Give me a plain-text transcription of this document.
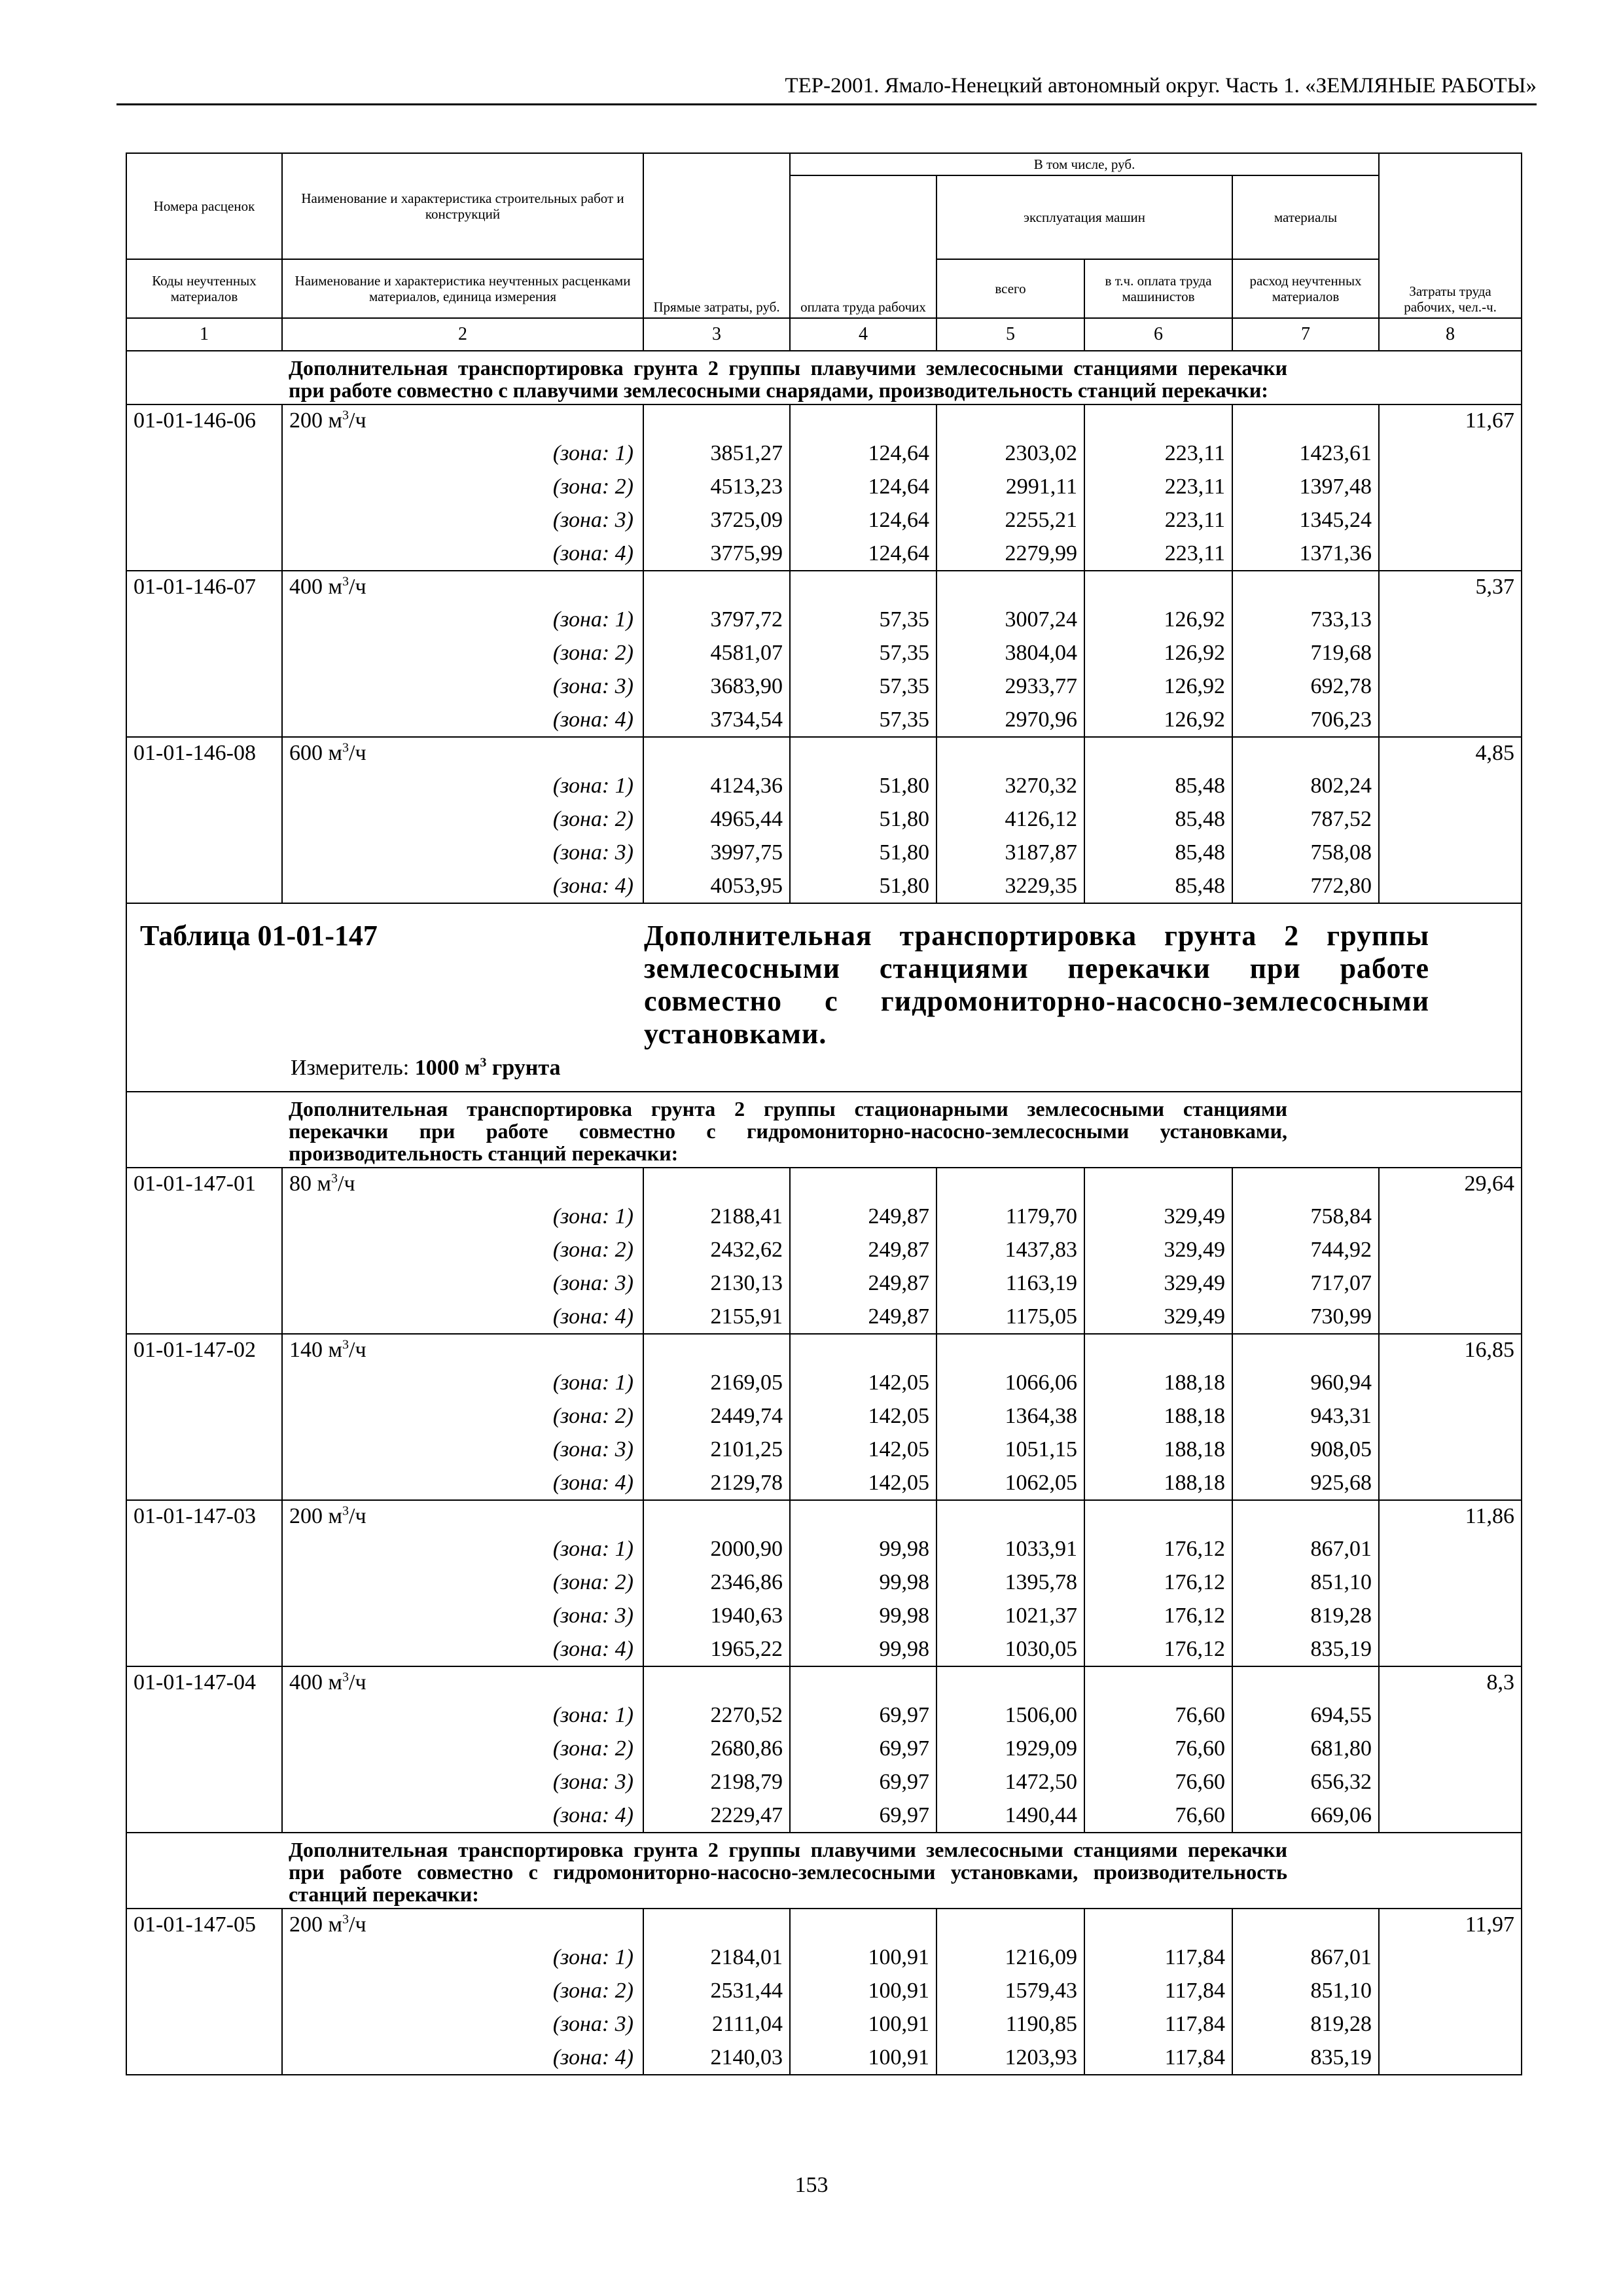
ТЕР-2001. Ямало-Ненецкий автономный округ. Часть 1. «ЗЕМЛЯНЫЕ РАБОТЫ»
Номера расценок	Наименование и характеристика строительных работ и конструкций	Прямые затраты, руб.	В том числе, руб.				Затраты труда рабочих, чел.-ч.
			оплата труда рабочих	эксплуатация машин		материалы	
Коды неучтенных материалов	Наименование и характеристика неучтенных расценками материалов, единица измерения			всего	в т.ч. оплата труда машинистов	расход неучтенных материалов	
1	2	3	4	5	6	7	8
	Дополнительная транспортировка грунта 2 группы плавучими землесосными станциями перекачки при работе совместно с плавучими землесосными снарядами, производительность станций перекачки:						
01-01-146-06	200 $м^3/ч$						11,67
	(зона: 1)	3851,27	124,64	2303,02	223,11	1423,61	
	(зона: 2)	4513,23	124,64	2991,11	223,11	1397,48	
	(зона: 3)	3725,09	124,64	2255,21	223,11	1345,24	
	(зона: 4)	3775,99	124,64	2279,99	223,11	1371,36	
01-01-146-07	400 $м^3/ч$						5,37
	(зона: 1)	3797,72	57,35	3007,24	126,92	733,13	
	(зона: 2)	4581,07	57,35	3804,04	126,92	719,68	
	(зона: 3)	3683,90	57,35	2933,77	126,92	692,78	
	(зона: 4)	3734,54	57,35	2970,96	126,92	706,23	
01-01-146-08	600 $м^3/ч$						4,85
	(зона: 1)	4124,36	51,80	3270,32	85,48	802,24	
	(зона: 2)	4965,44	51,80	4126,12	85,48	787,52	
	(зона: 3)	3997,75	51,80	3187,87	85,48	758,08	
	(зона: 4)	4053,95	51,80	3229,35	85,48	772,80	

Таблица 01-01-147 Дополнительная транспортировка грунта 2 группы землесосными станциями перекачки при работе совместно с гидромониторно-насосно-землесосными установками.
Измеритель: 1000 $м^3$ грунта							

	Дополнительная транспортировка грунта 2 группы стационарными землесосными станциями перекачки при работе совместно с гидромониторно-насосно-землесосными установками, производительность станций перекачки:						
01-01-147-01	80 $м^3/ч$						29,64
	(зона: 1)	2188,41	249,87	1179,70	329,49	758,84	
	(зона: 2)	2432,62	249,87	1437,83	329,49	744,92	
	(зона: 3)	2130,13	249,87	1163,19	329,49	717,07	
	(зона: 4)	2155,91	249,87	1175,05	329,49	730,99	
01-01-147-02	140 $м^3/ч$						16,85
	(зона: 1)	2169,05	142,05	1066,06	188,18	960,94	
	(зона: 2)	2449,74	142,05	1364,38	188,18	943,31	
	(зона: 3)	2101,25	142,05	1051,15	188,18	908,05	
	(зона: 4)	2129,78	142,05	1062,05	188,18	925,68	
01-01-147-03	200 $м^3/ч$						11,86
	(зона: 1)	2000,90	99,98	1033,91	176,12	867,01	
	(зона: 2)	2346,86	99,98	1395,78	176,12	851,10	
	(зона: 3)	1940,63	99,98	1021,37	176,12	819,28	
	(зона: 4)	1965,22	99,98	1030,05	176,12	835,19	
01-01-147-04	400 $м^3/ч$						8,3
	(зона: 1)	2270,52	69,97	1506,00	76,60	694,55	
	(зона: 2)	2680,86	69,97	1929,09	76,60	681,80	
	(зона: 3)	2198,79	69,97	1472,50	76,60	656,32	
	(зона: 4)	2229,47	69,97	1490,44	76,60	669,06	
	Дополнительная транспортировка грунта 2 группы плавучими землесосными станциями перекачки при работе совместно с гидромониторно-насосно-землесосными установками, производительность станций перекачки:						
01-01-147-05	200 $м^3/ч$						11,97
	(зона: 1)	2184,01	100,91	1216,09	117,84	867,01	
	(зона: 2)	2531,44	100,91	1579,43	117,84	851,10	
	(зона: 3)	2111,04	100,91	1190,85	117,84	819,28	
	(зона: 4)	2140,03	100,91	1203,93	117,84	835,19	
153
